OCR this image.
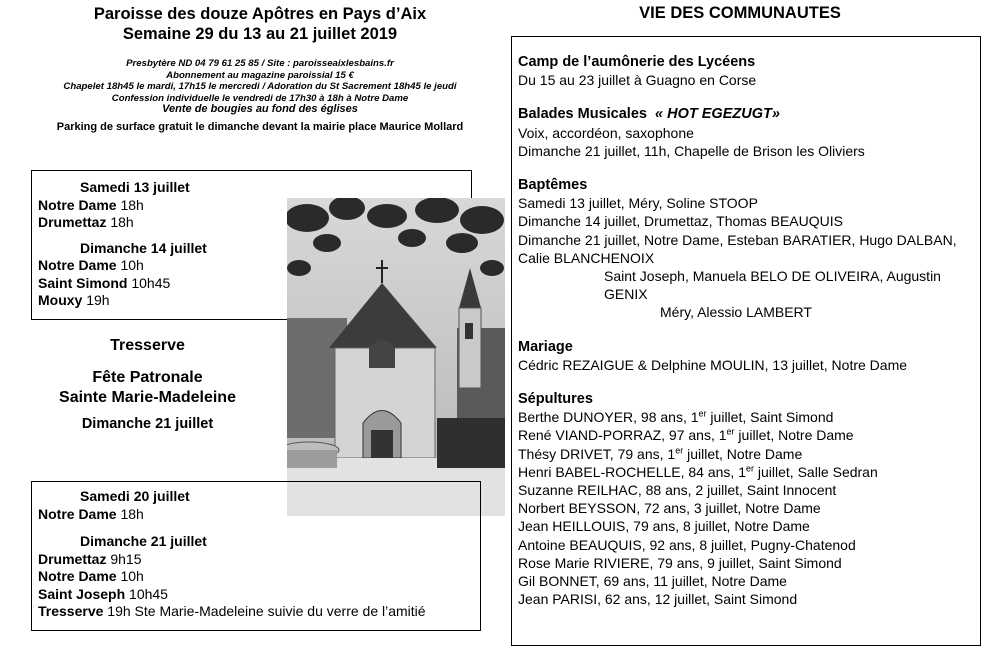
Paroisse des douze Apôtres en Pays d’Aix
Semaine 29 du 13 au 21 juillet 2019
Presbytère ND 04 79 61 25 85 / Site : paroisseaixlesbains.fr
Abonnement au magazine paroissial 15 €
Chapelet 18h45 le mardi, 17h15 le mercredi / Adoration du St Sacrement 18h45 le jeudi
Confession individuelle le vendredi de 17h30 à 18h à Notre Dame
Vente de bougies au fond des églises
Parking de surface gratuit le dimanche devant la mairie place Maurice Mollard
Samedi 13 juillet
Notre Dame 18h
Drumettaz 18h
Dimanche 14 juillet
Notre Dame 10h
Saint Simond 10h45
Mouxy 19h
Tresserve
Fête Patronale
Sainte Marie-Madeleine
Dimanche 21 juillet
Samedi 20 juillet
Notre Dame 18h
Dimanche 21 juillet
Drumettaz 9h15
Notre Dame 10h
Saint Joseph 10h45
Tresserve 19h Ste Marie-Madeleine suivie du verre de l’amitié
VIE DES COMMUNAUTES
Camp de l’aumônerie des Lycéens
Du 15 au 23 juillet à Guagno en Corse
Balades Musicales « HOT EGEZUGT»
Voix, accordéon, saxophone
Dimanche 21 juillet, 11h, Chapelle de Brison les Oliviers
Baptêmes
Samedi 13 juillet, Méry, Soline STOOP
Dimanche 14 juillet, Drumettaz, Thomas BEAUQUIS
Dimanche 21 juillet, Notre Dame, Esteban BARATIER, Hugo DALBAN, Calie BLANCHENOIX
Saint Joseph, Manuela BELO DE OLIVEIRA, Augustin GENIX
Méry, Alessio LAMBERT
Mariage
Cédric REZAIGUE & Delphine MOULIN, 13 juillet, Notre Dame
Sépultures
Berthe DUNOYER, 98 ans, 1er juillet, Saint Simond
René VIAND-PORRAZ, 97 ans, 1er juillet, Notre Dame
Thésy DRIVET, 79 ans, 1er juillet, Notre Dame
Henri BABEL-ROCHELLE, 84 ans, 1er juillet, Salle Sedran
Suzanne REILHAC, 88 ans, 2 juillet, Saint Innocent
Norbert BEYSSON, 72 ans, 3 juillet, Notre Dame
Jean HEILLOUIS, 79 ans, 8 juillet, Notre Dame
Antoine BEAUQUIS, 92 ans, 8 juillet, Pugny-Chatenod
Rose Marie RIVIERE, 79 ans, 9 juillet, Saint Simond
Gil BONNET, 69 ans, 11 juillet, Notre Dame
Jean PARISI, 62 ans, 12 juillet, Saint Simond
